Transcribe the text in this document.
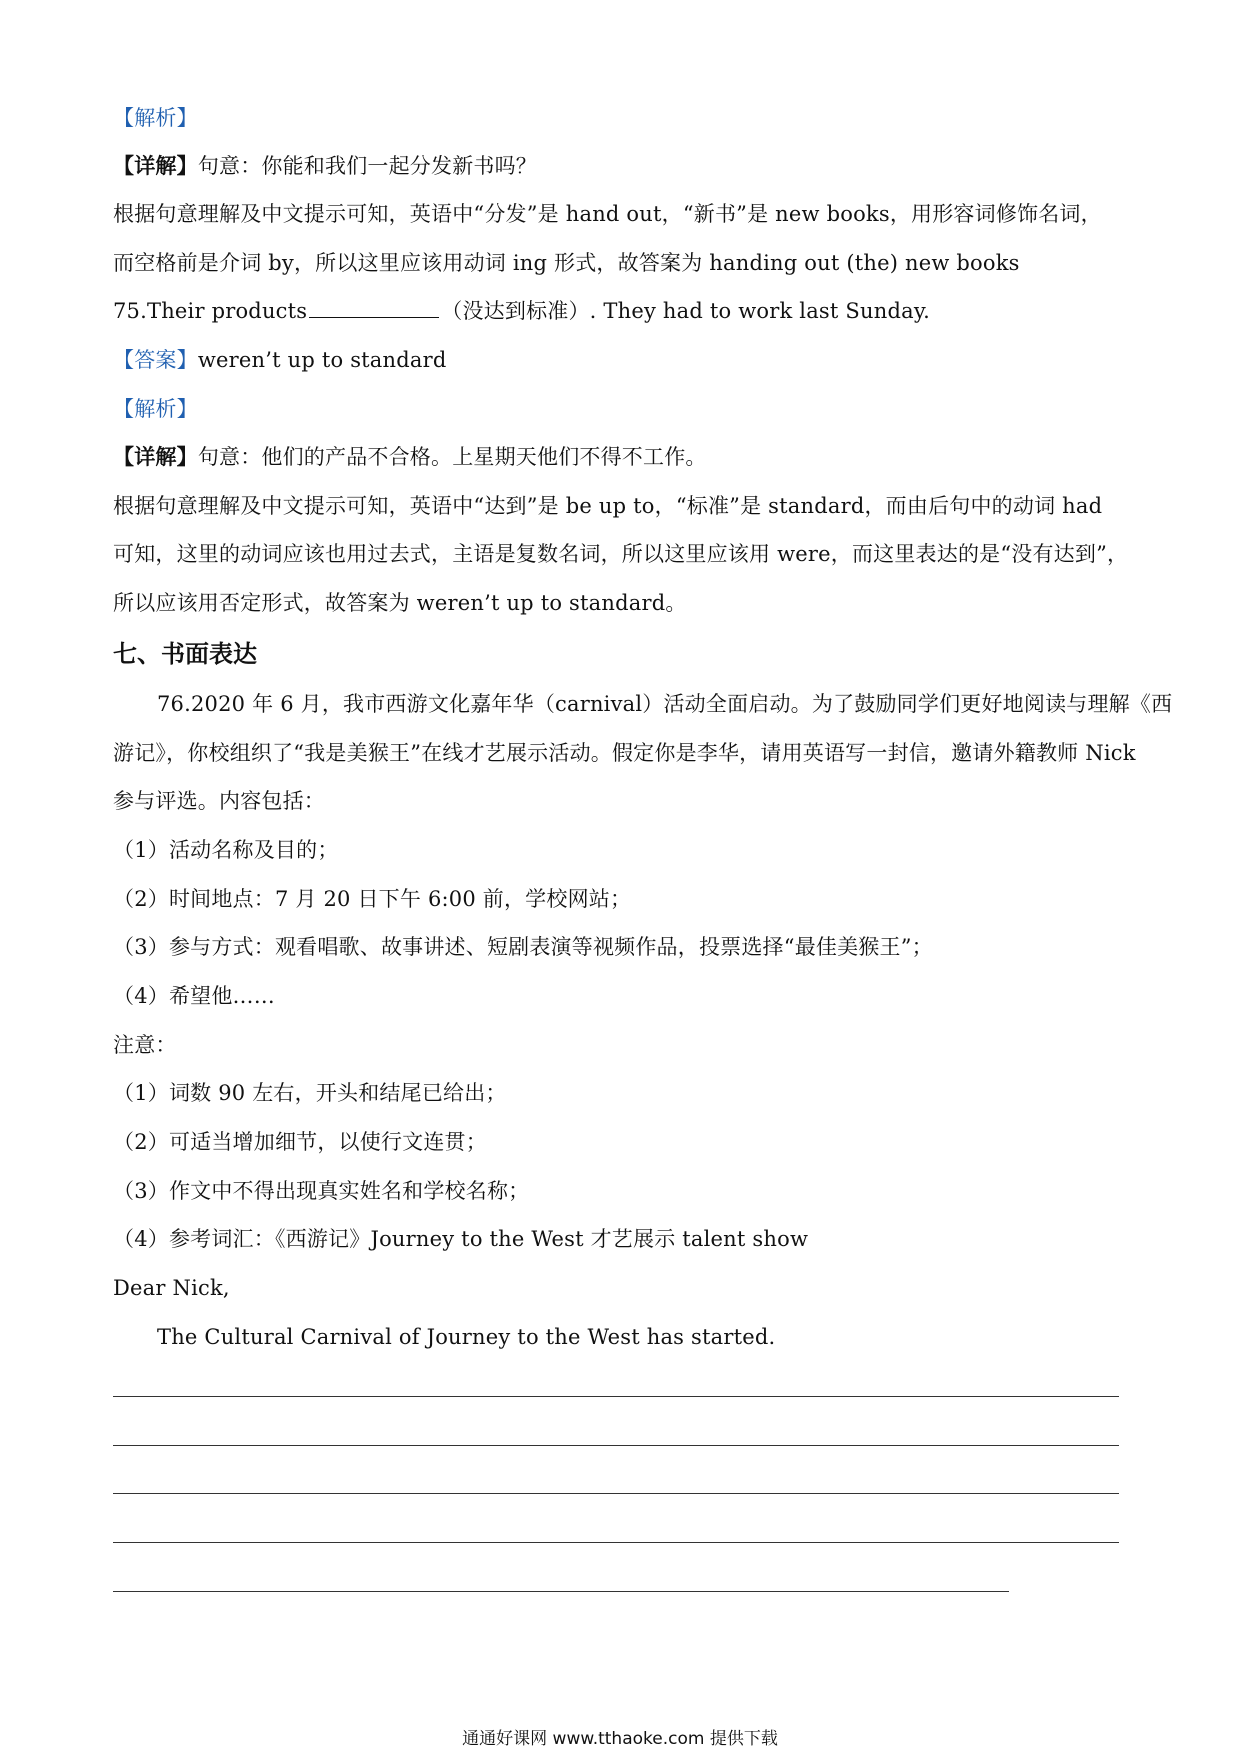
【解析】
【详解】句意：你能和我们一起分发新书吗？
根据句意理解及中文提示可知，英语中“分发”是 hand out，“新书”是 new books，用形容词修饰名词，
而空格前是介词 by，所以这里应该用动词 ing 形式，故答案为 handing out (the) new books
75.Their products	（没达到标准）. They had to work last Sunday.
【答案】weren’t up to standard
【解析】
【详解】句意：他们的产品不合格。上星期天他们不得不工作。
根据句意理解及中文提示可知，英语中“达到”是 be up to，“标准”是 standard，而由后句中的动词 had
可知，这里的动词应该也用过去式，主语是复数名词，所以这里应该用 were，而这里表达的是“没有达到”，
所以应该用否定形式，故答案为 weren’t up to standard。
七、书面表达
76.2020 年 6 月，我市西游文化嘉年华（carnival）活动全面启动。为了鼓励同学们更好地阅读与理解《西
游记》，你校组织了“我是美猴王”在线才艺展示活动。假定你是李华，请用英语写一封信，邀请外籍教师 Nick
参与评选。内容包括：
（1）活动名称及目的；
（2）时间地点：7 月 20 日下午 6:00 前，学校网站；
（3）参与方式：观看唱歌、故事讲述、短剧表演等视频作品，投票选择“最佳美猴王”；
（4）希望他……
注意：
（1）词数 90 左右，开头和结尾已给出；
（2）可适当增加细节，以使行文连贯；
（3）作文中不得出现真实姓名和学校名称；
（4）参考词汇：《西游记》Journey to the West 才艺展示 talent show
Dear Nick,
The Cultural Carnival of Journey to the West has started.
通通好课网 www.tthaoke.com 提供下载
